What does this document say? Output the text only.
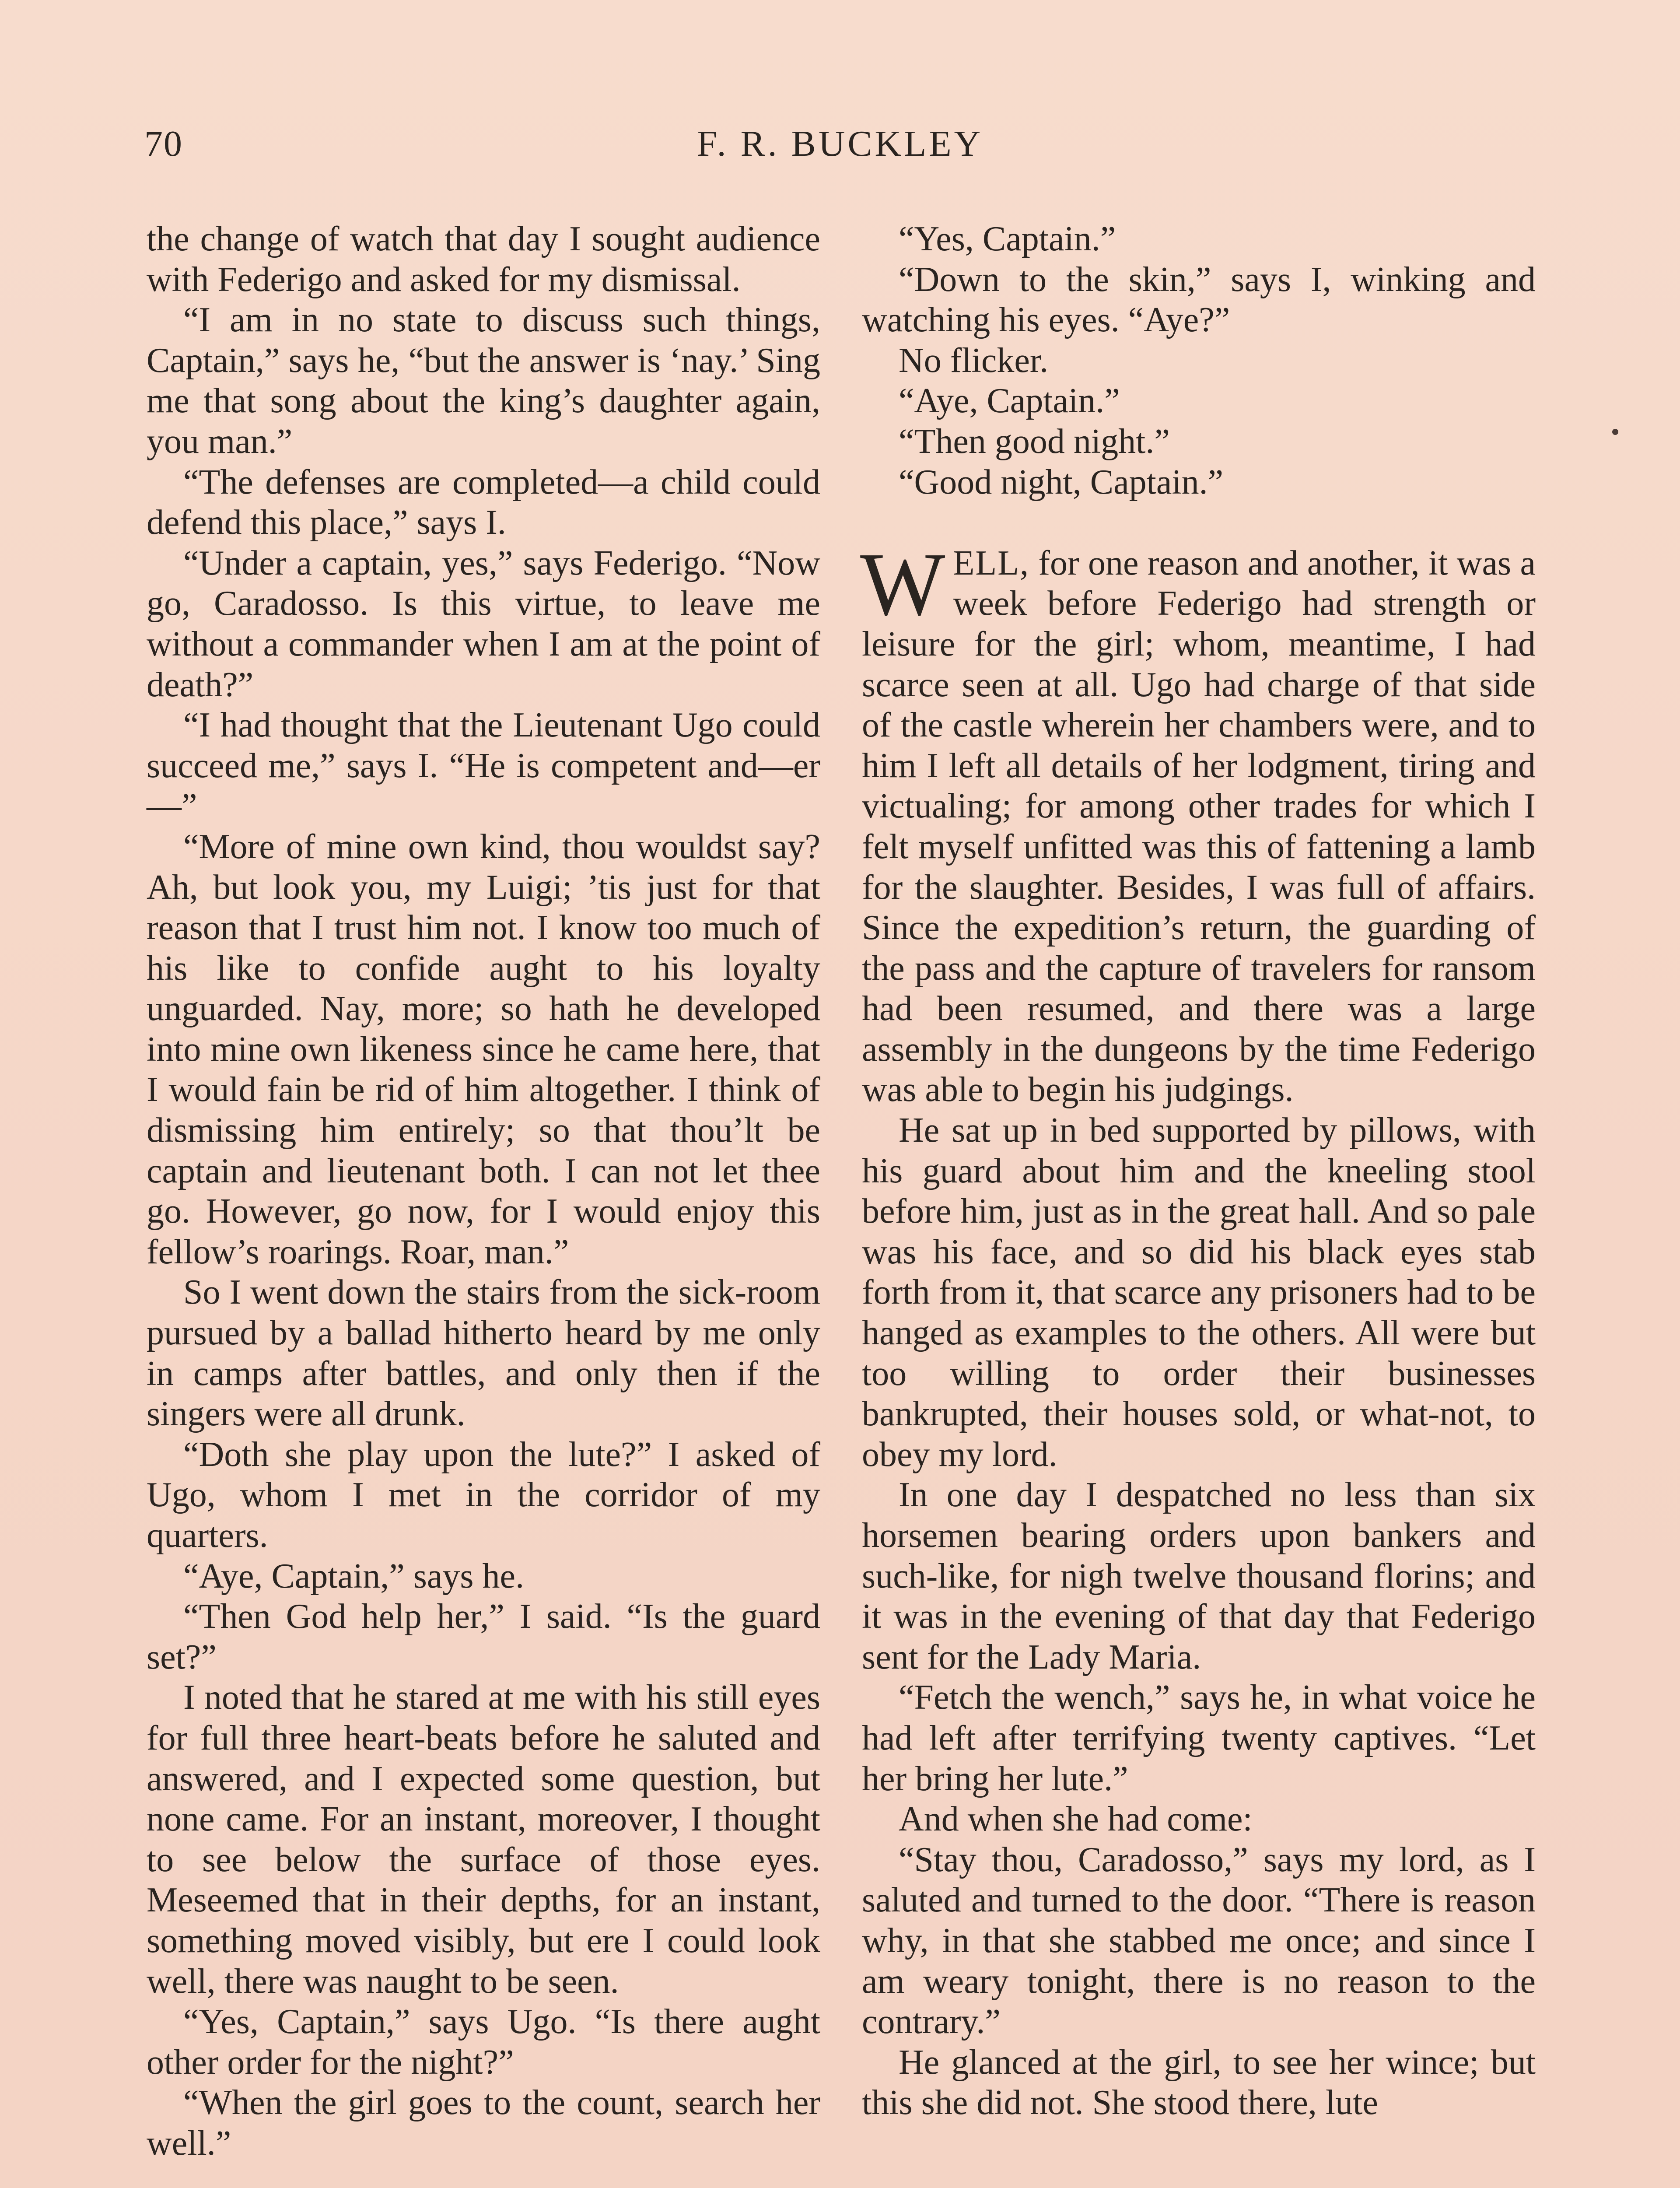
70	F. R. BUCKLEY

the change of watch that day I sought audience with Federigo and asked for my dismissal.

“I am in no state to discuss such things, Captain,” says he, “but the answer is ‘nay.’ Sing me that song about the king’s daughter again, you man.”

“The defenses are completed—a child could defend this place,” says I.

“Under a captain, yes,” says Federigo. “Now go, Caradosso. Is this virtue, to leave me without a commander when I am at the point of death?”

“I had thought that the Lieutenant Ugo could succeed me,” says I. “He is competent and—er—”

“More of mine own kind, thou wouldst say? Ah, but look you, my Luigi; ’tis just for that reason that I trust him not. I know too much of his like to confide aught to his loyalty unguarded. Nay, more; so hath he developed into mine own likeness since he came here, that I would fain be rid of him altogether. I think of dismissing him entirely; so that thou’lt be captain and lieutenant both. I can not let thee go. However, go now, for I would enjoy this fellow’s roarings. Roar, man.”

So I went down the stairs from the sick-room pursued by a ballad hitherto heard by me only in camps after battles, and only then if the singers were all drunk.

“Doth she play upon the lute?” I asked of Ugo, whom I met in the corridor of my quarters.

“Aye, Captain,” says he.

“Then God help her,” I said. “Is the guard set?”

I noted that he stared at me with his still eyes for full three heart-beats before he saluted and answered, and I expected some question, but none came. For an instant, moreover, I thought to see below the surface of those eyes. Meseemed that in their depths, for an instant, something moved visibly, but ere I could look well, there was naught to be seen.

“Yes, Captain,” says Ugo. “Is there aught other order for the night?”

“When the girl goes to the count, search her well.”

“Yes, Captain.”

“Down to the skin,” says I, winking and watching his eyes. “Aye?”

No flicker.

“Aye, Captain.”

“Then good night.”

“Good night, Captain.”

WELL, for one reason and another, it was a week before Federigo had strength or leisure for the girl; whom, meantime, I had scarce seen at all. Ugo had charge of that side of the castle wherein her chambers were, and to him I left all details of her lodgment, tiring and victualing; for among other trades for which I felt myself unfitted was this of fattening a lamb for the slaughter. Besides, I was full of affairs. Since the expedition’s return, the guarding of the pass and the capture of travelers for ransom had been resumed, and there was a large assembly in the dungeons by the time Federigo was able to begin his judgings.

He sat up in bed supported by pillows, with his guard about him and the kneeling stool before him, just as in the great hall. And so pale was his face, and so did his black eyes stab forth from it, that scarce any prisoners had to be hanged as examples to the others. All were but too willing to order their businesses bankrupted, their houses sold, or what-not, to obey my lord.

In one day I despatched no less than six horsemen bearing orders upon bankers and such-like, for nigh twelve thousand florins; and it was in the evening of that day that Federigo sent for the Lady Maria.

“Fetch the wench,” says he, in what voice he had left after terrifying twenty captives. “Let her bring her lute.”

And when she had come:

“Stay thou, Caradosso,” says my lord, as I saluted and turned to the door. “There is reason why, in that she stabbed me once; and since I am weary tonight, there is no reason to the contrary.”

He glanced at the girl, to see her wince; but this she did not. She stood there, lute
